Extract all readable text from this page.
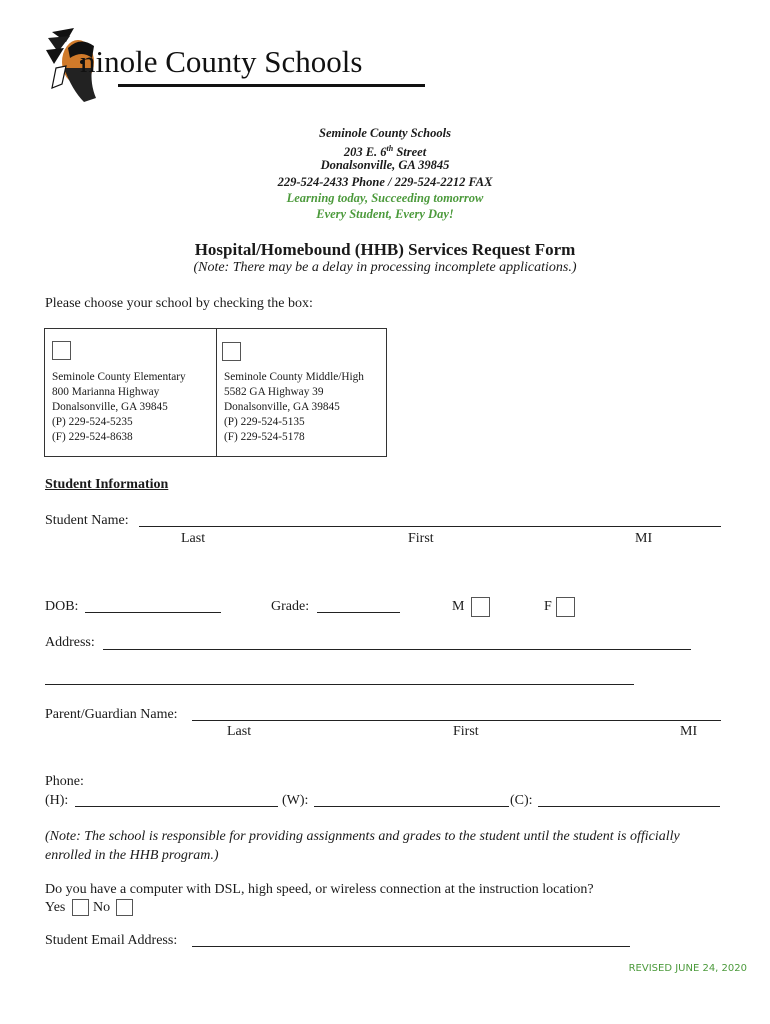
ninole County Schools
Seminole County Schools
203 E. 6th Street
Donalsonville, GA 39845
229-524-2433 Phone / 229-524-2212 FAX
Learning today, Succeeding tomorrow
Every Student, Every Day!
Hospital/Homebound (HHB) Services Request Form
(Note: There may be a delay in processing incomplete applications.)
Please choose your school by checking the box:
Seminole County Elementary
800 Marianna Highway
Donalsonville, GA 39845
(P) 229-524-5235
(F) 229-524-8638
Seminole County Middle/High
5582 GA Highway 39
Donalsonville, GA 39845
(P) 229-524-5135
(F) 229-524-5178
Student Information
Student Name:
Last	First	MI
DOB:	Grade:	M	F
Address:
Parent/Guardian Name:
Last	First	MI
Phone:
(H):	(W):	(C):
(Note: The school is responsible for providing assignments and grades to the student until the student is officially enrolled in the HHB program.)
Do you have a computer with DSL, high speed, or wireless connection at the instruction location?
Yes No
Student Email Address:
REVISED JUNE 24, 2020
